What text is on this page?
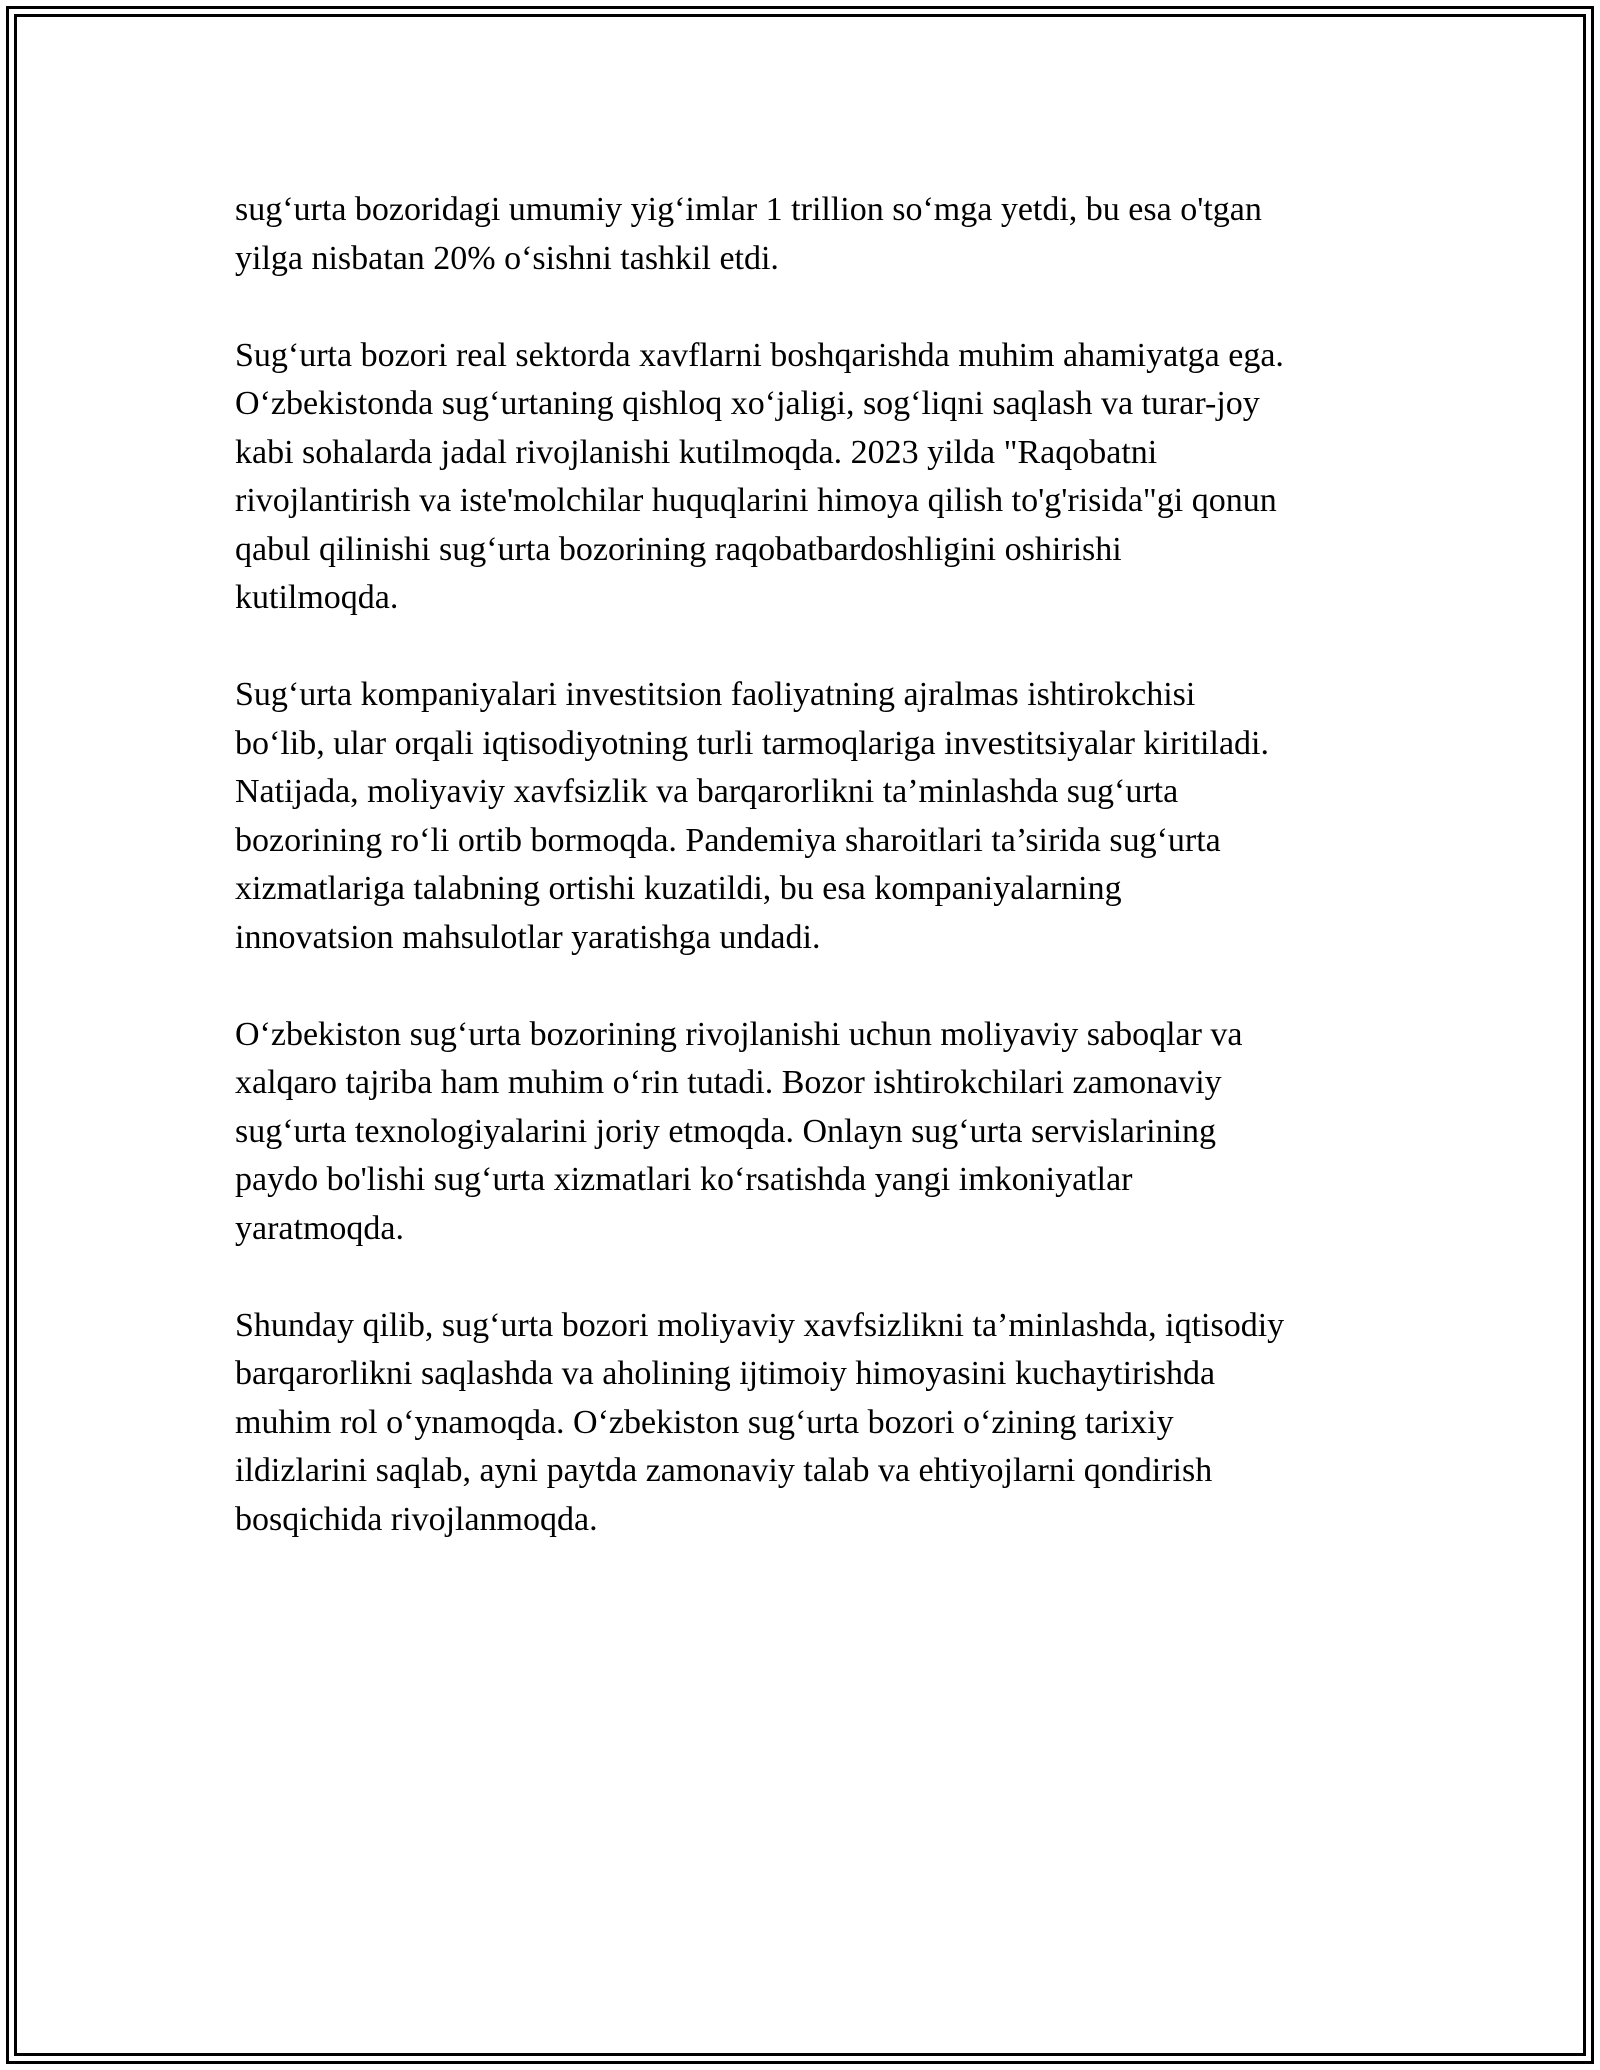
sug‘urta bozoridagi umumiy yig‘imlar 1 trillion so‘mga yetdi, bu esa o'tgan
yilga nisbatan 20% o‘sishni tashkil etdi.

Sug‘urta bozori real sektorda xavflarni boshqarishda muhim ahamiyatga ega.
O‘zbekistonda sug‘urtaning qishloq xo‘jaligi, sog‘liqni saqlash va turar-joy
kabi sohalarda jadal rivojlanishi kutilmoqda. 2023 yilda "Raqobatni
rivojlantirish va iste'molchilar huquqlarini himoya qilish to'g'risida"gi qonun
qabul qilinishi sug‘urta bozorining raqobatbardoshligini oshirishi
kutilmoqda.

Sug‘urta kompaniyalari investitsion faoliyatning ajralmas ishtirokchisi
bo‘lib, ular orqali iqtisodiyotning turli tarmoqlariga investitsiyalar kiritiladi.
Natijada, moliyaviy xavfsizlik va barqarorlikni ta’minlashda sug‘urta
bozorining ro‘li ortib bormoqda. Pandemiya sharoitlari ta’sirida sug‘urta
xizmatlariga talabning ortishi kuzatildi, bu esa kompaniyalarning
innovatsion mahsulotlar yaratishga undadi.

O‘zbekiston sug‘urta bozorining rivojlanishi uchun moliyaviy saboqlar va
xalqaro tajriba ham muhim o‘rin tutadi. Bozor ishtirokchilari zamonaviy
sug‘urta texnologiyalarini joriy etmoqda. Onlayn sug‘urta servislarining
paydo bo'lishi sug‘urta xizmatlari ko‘rsatishda yangi imkoniyatlar
yaratmoqda.

Shunday qilib, sug‘urta bozori moliyaviy xavfsizlikni ta’minlashda, iqtisodiy
barqarorlikni saqlashda va aholining ijtimoiy himoyasini kuchaytirishda
muhim rol o‘ynamoqda. O‘zbekiston sug‘urta bozori o‘zining tarixiy
ildizlarini saqlab, ayni paytda zamonaviy talab va ehtiyojlarni qondirish
bosqichida rivojlanmoqda.
